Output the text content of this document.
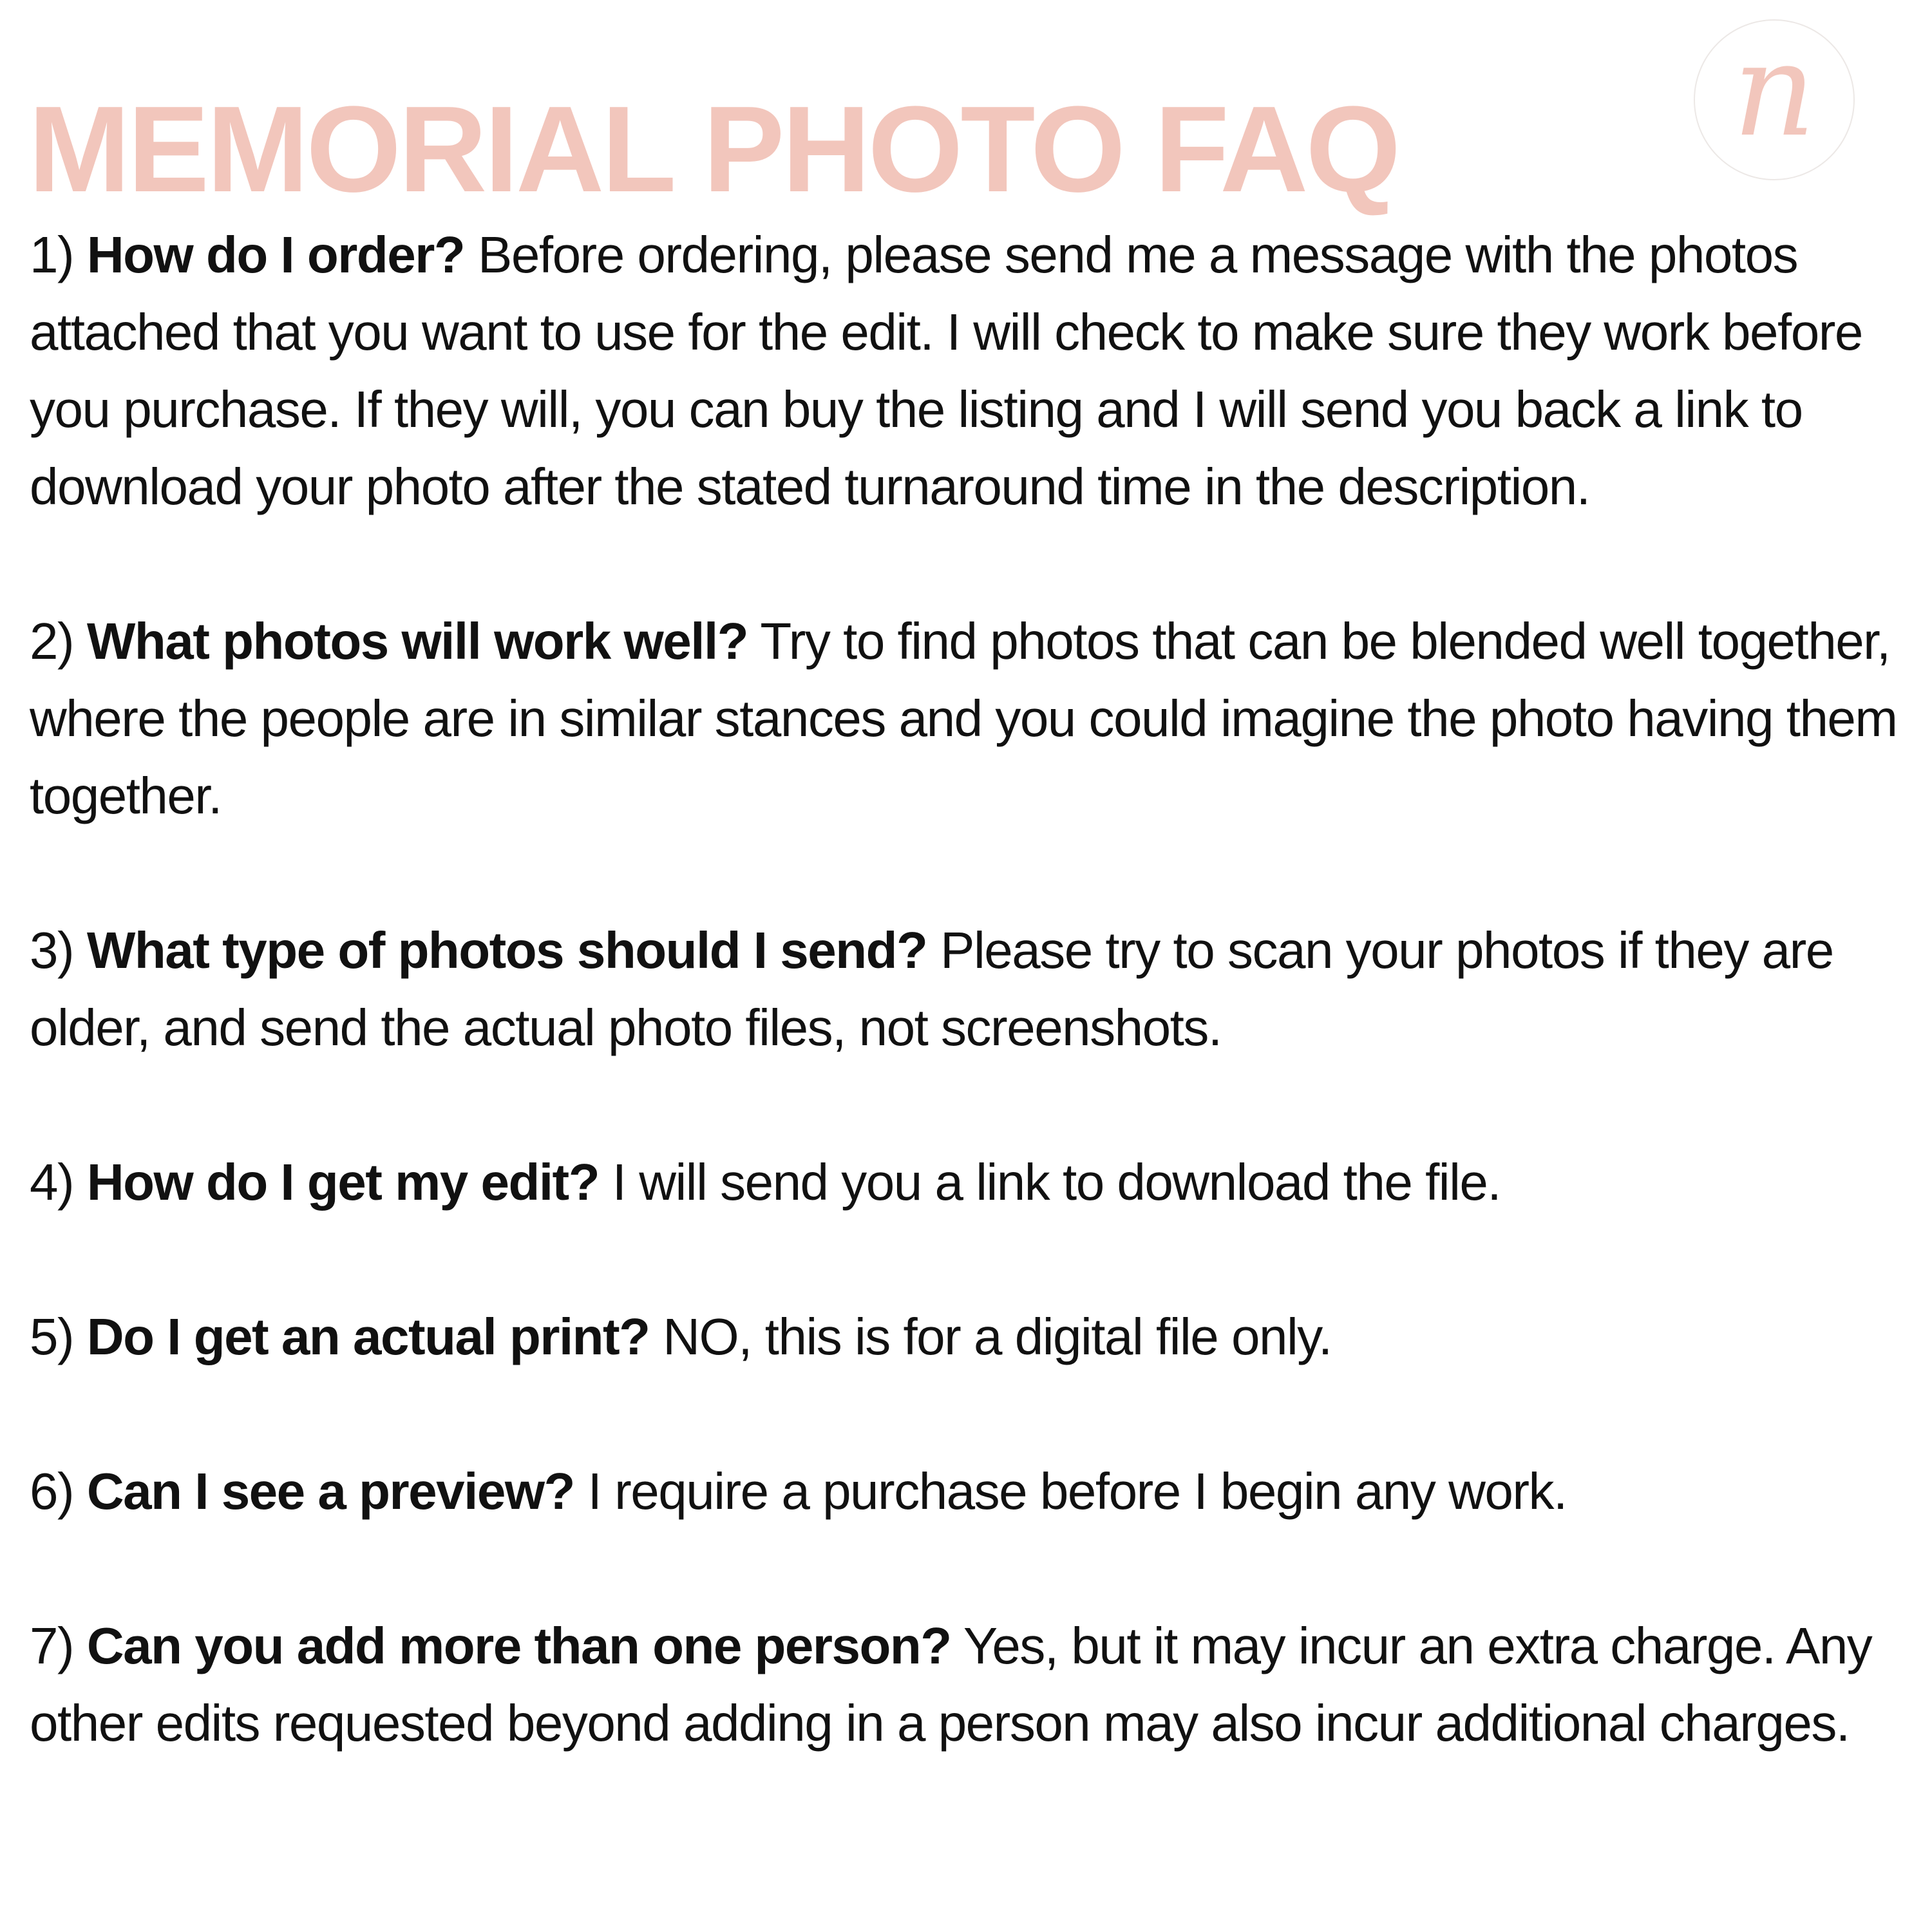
n
MEMORIAL PHOTO FAQ

1) How do I order? Before ordering, please send me a message with the photos attached that you want to use for the edit. I will check to make sure they work before you purchase. If they will, you can buy the listing and I will send you back a link to download your photo after the stated turnaround time in the description.

2) What photos will work well? Try to find photos that can be blended well together, where the people are in similar stances and you could imagine the photo having them together.

3) What type of photos should I send? Please try to scan your photos if they are older, and send the actual photo files, not screenshots.

4) How do I get my edit? I will send you a link to download the file.

5) Do I get an actual print? NO, this is for a digital file only.

6) Can I see a preview? I require a purchase before I begin any work.

7) Can you add more than one person? Yes, but it may incur an extra charge. Any other edits requested beyond adding in a person may also incur additional charges.
